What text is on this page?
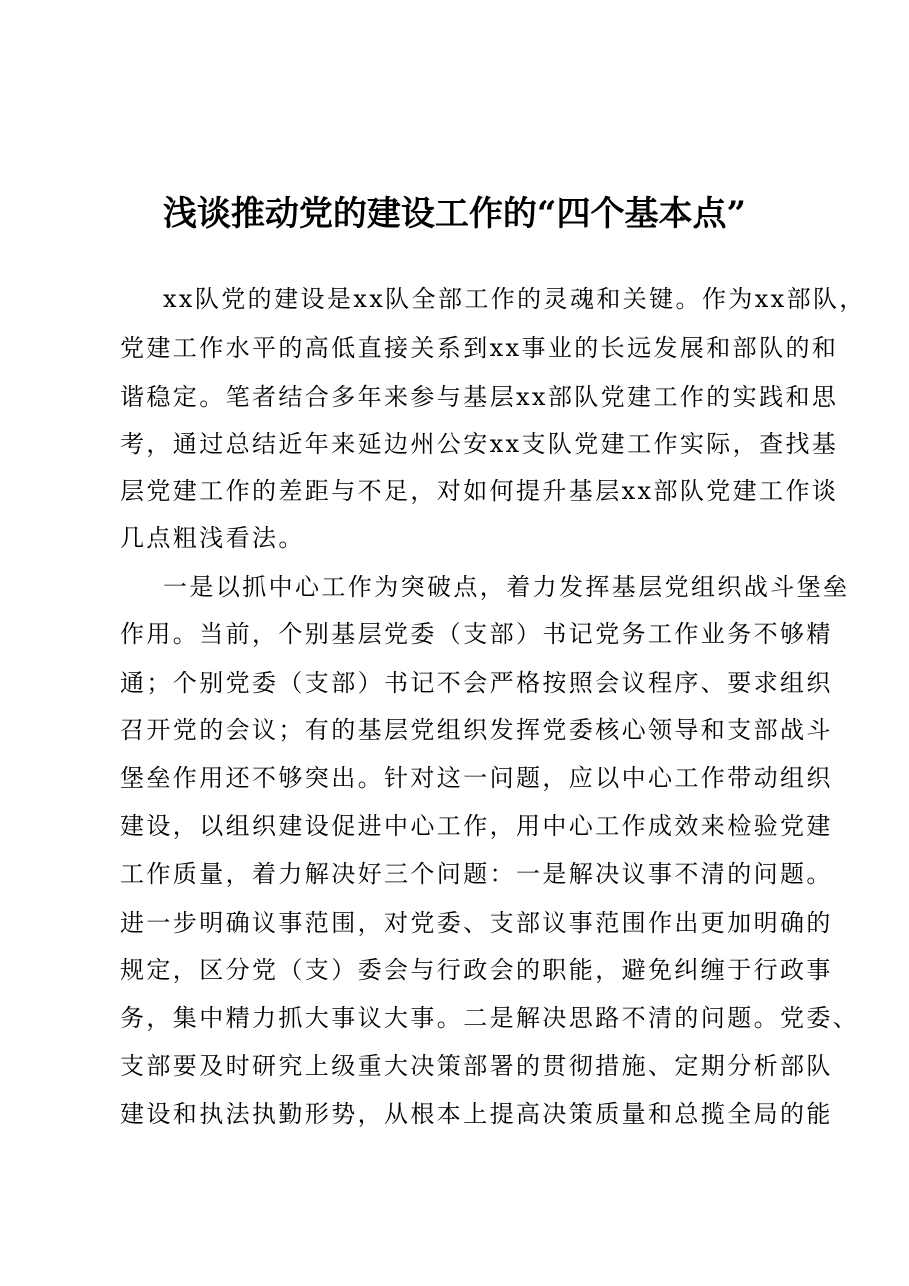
浅谈推动党的建设工作的“四个基本点”
xx队党的建设是xx队全部工作的灵魂和关键。作为xx部队，
党建工作水平的高低直接关系到xx事业的长远发展和部队的和
谐稳定。笔者结合多年来参与基层xx部队党建工作的实践和思
考，通过总结近年来延边州公安xx支队党建工作实际，查找基
层党建工作的差距与不足，对如何提升基层xx部队党建工作谈
几点粗浅看法。
一是以抓中心工作为突破点，着力发挥基层党组织战斗堡垒
作用。当前，个别基层党委（支部）书记党务工作业务不够精
通；个别党委（支部）书记不会严格按照会议程序、要求组织
召开党的会议；有的基层党组织发挥党委核心领导和支部战斗
堡垒作用还不够突出。针对这一问题，应以中心工作带动组织
建设，以组织建设促进中心工作，用中心工作成效来检验党建
工作质量，着力解决好三个问题：一是解决议事不清的问题。
进一步明确议事范围，对党委、支部议事范围作出更加明确的
规定，区分党（支）委会与行政会的职能，避免纠缠于行政事
务，集中精力抓大事议大事。二是解决思路不清的问题。党委、
支部要及时研究上级重大决策部署的贯彻措施、定期分析部队
建设和执法执勤形势，从根本上提高决策质量和总揽全局的能
